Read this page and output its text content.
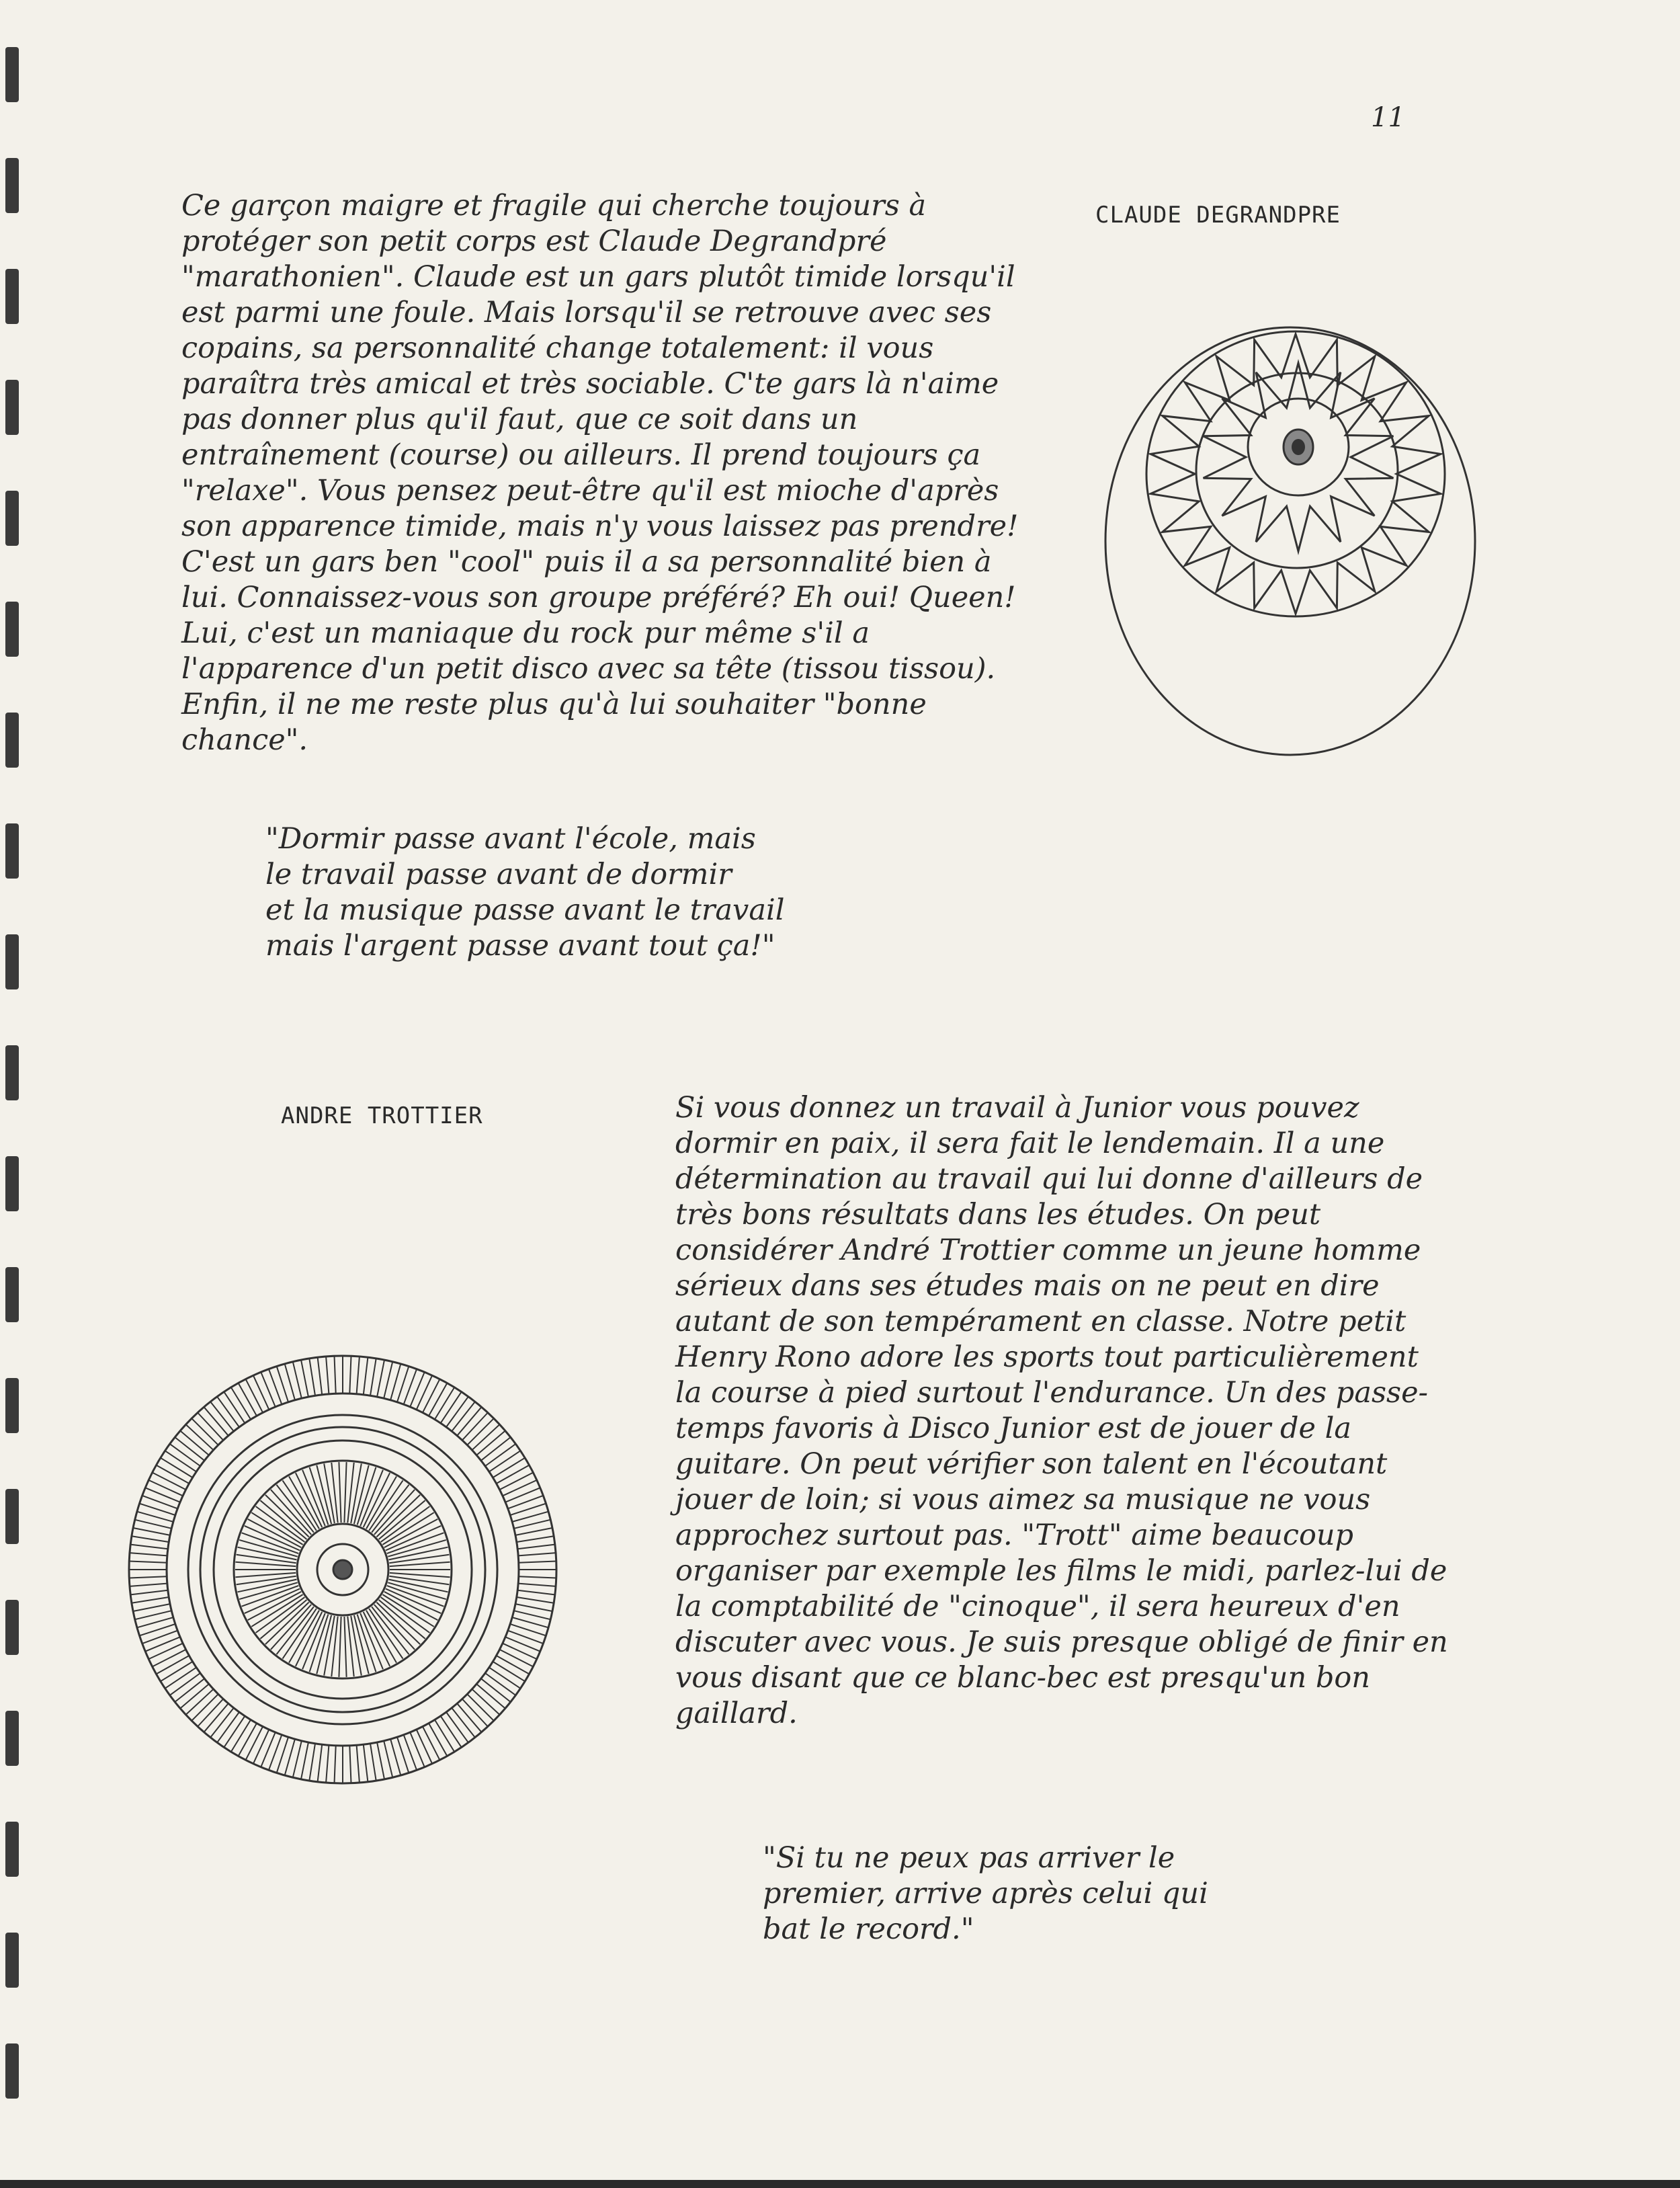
11
CLAUDE DEGRANDPRE

Ce garçon maigre et fragile qui cherche toujours à protéger son petit corps est Claude Degrandpré "marathonien". Claude est un gars plutôt timide lorsqu'il est parmi une foule. Mais lorsqu'il se retrouve avec ses copains, sa personnalité change totalement: il vous paraîtra très amical et très sociable. C'te gars là n'aime pas donner plus qu'il faut, que ce soit dans un entraînement (course) ou ailleurs. Il prend toujours ça "relaxe". Vous pensez peut-être qu'il est mioche d'après son apparence timide, mais n'y vous laissez pas prendre! C'est un gars ben "cool" puis il a sa personnalité bien à lui. Connaissez-vous son groupe préféré? Eh oui! Queen! Lui, c'est un maniaque du rock pur même s'il a l'apparence d'un petit disco avec sa tête (tissou tissou). Enfin, il ne me reste plus qu'à lui souhaiter "bonne chance".

"Dormir passe avant l'école, mais
le travail passe avant de dormir
et la musique passe avant le travail
mais l'argent passe avant tout ça!"

ANDRE TROTTIER	Si vous donnez un travail à Junior vous pouvez dormir en paix, il sera fait le lendemain. Il a une détermination au travail qui lui donne d'ailleurs de très bons résultats dans les études. On peut considérer André Trottier comme un jeune homme sérieux dans ses études mais on ne peut en dire autant de son tempérament en classe. Notre petit Henry Rono adore les sports tout particulièrement la course à pied surtout l'endurance. Un des passe-temps favoris à Disco Junior est de jouer de la guitare. On peut vérifier son talent en l'écoutant jouer de loin; si vous aimez sa musique ne vous approchez surtout pas. "Trott" aime beaucoup organiser par exemple les films le midi, parlez-lui de la comptabilité de "cinoque", il sera heureux d'en discuter avec vous. Je suis presque obligé de finir en vous disant que ce blanc-bec est presqu'un bon gaillard.

"Si tu ne peux pas arriver le
premier, arrive après celui qui
bat le record."
